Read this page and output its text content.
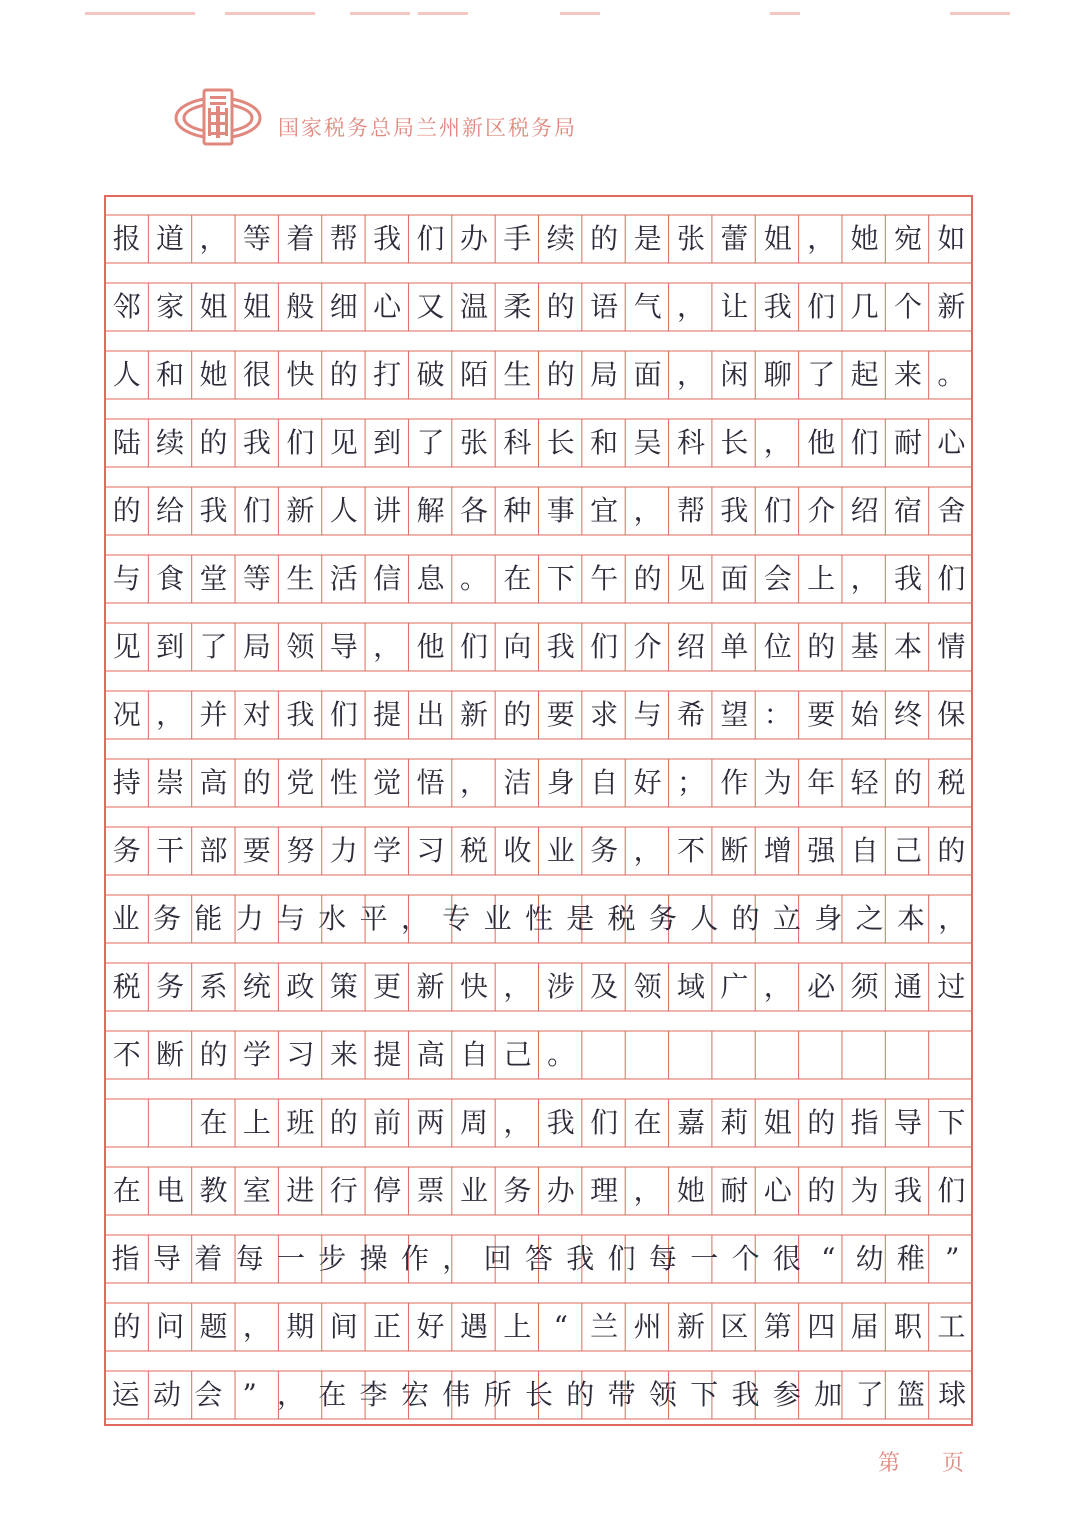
国家税务总局兰州新区税务局
报 道 ， 等 着 帮 我 们 办 手 续 的 是 张 蕾 姐 ， 她 宛 如
邻 家 姐 姐 般 细 心 又 温 柔 的 语 气 ， 让 我 们 几 个 新
人 和 她 很 快 的 打 破 陌 生 的 局 面 ， 闲 聊 了 起 来 。
陆 续 的 我 们 见 到 了 张 科 长 和 吴 科 长 ， 他 们 耐 心
的 给 我 们 新 人 讲 解 各 种 事 宜 ， 帮 我 们 介 绍 宿 舍
与 食 堂 等 生 活 信 息 。 在 下 午 的 见 面 会 上 ， 我 们
见 到 了 局 领 导 ， 他 们 向 我 们 介 绍 单 位 的 基 本 情
况 ， 并 对 我 们 提 出 新 的 要 求 与 希 望 ： 要 始 终 保
持 崇 高 的 党 性 觉 悟 ， 洁 身 自 好 ； 作 为 年 轻 的 税
务 干 部 要 努 力 学 习 税 收 业 务 ， 不 断 增 强 自 己 的
业 务 能 力 与 水 平 ， 专 业 性 是 税 务 人 的 立 身 之 本 ，
税 务 系 统 政 策 更 新 快 ， 涉 及 领 域 广 ， 必 须 通 过
不 断 的 学 习 来 提 高 自 己 。

在 上 班 的 前 两 周 ， 我 们 在 嘉 莉 姐 的 指 导 下
在 电 教 室 进 行 停 票 业 务 办 理 ， 她 耐 心 的 为 我 们
指 导 着 每 一 步 操 作 ， 回 答 我 们 每 一 个 很 “ 幼 稚 ”
的 问 题 ， 期 间 正 好 遇 上 “ 兰 州 新 区 第 四 届 职 工
运 动 会 ” ， 在 李 宏 伟 所 长 的 带 领 下 我 参 加 了 篮 球
第 页
